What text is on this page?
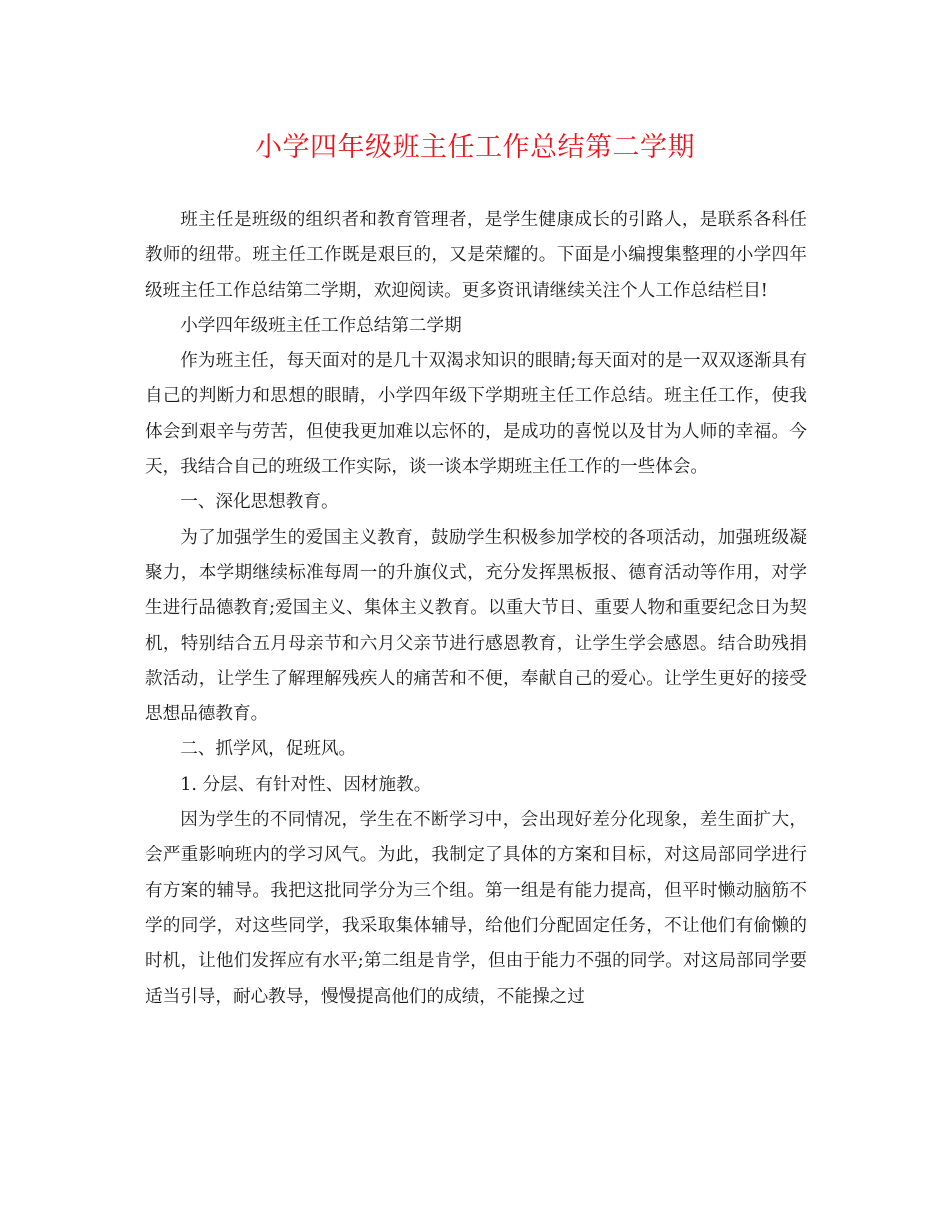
小学四年级班主任工作总结第二学期

班主任是班级的组织者和教育管理者，是学生健康成长的引路人，是联系各科任教师的纽带。班主任工作既是艰巨的，又是荣耀的。下面是小编搜集整理的小学四年级班主任工作总结第二学期，欢迎阅读。更多资讯请继续关注个人工作总结栏目!

小学四年级班主任工作总结第二学期

作为班主任，每天面对的是几十双渴求知识的眼睛;每天面对的是一双双逐渐具有自己的判断力和思想的眼睛，小学四年级下学期班主任工作总结。班主任工作，使我体会到艰辛与劳苦，但使我更加难以忘怀的，是成功的喜悦以及甘为人师的幸福。今天，我结合自己的班级工作实际，谈一谈本学期班主任工作的一些体会。

一、深化思想教育。

为了加强学生的爱国主义教育，鼓励学生积极参加学校的各项活动，加强班级凝聚力，本学期继续标准每周一的升旗仪式，充分发挥黑板报、德育活动等作用，对学生进行品德教育;爱国主义、集体主义教育。以重大节日、重要人物和重要纪念日为契机，特别结合五月母亲节和六月父亲节进行感恩教育，让学生学会感恩。结合助残捐款活动，让学生了解理解残疾人的痛苦和不便，奉献自己的爱心。让学生更好的接受思想品德教育。

二、抓学风，促班风。

1. 分层、有针对性、因材施教。

因为学生的不同情况，学生在不断学习中，会出现好差分化现象，差生面扩大，会严重影响班内的学习风气。为此，我制定了具体的方案和目标，对这局部同学进行有方案的辅导。我把这批同学分为三个组。第一组是有能力提高，但平时懒动脑筋不学的同学，对这些同学，我采取集体辅导，给他们分配固定任务，不让他们有偷懒的时机，让他们发挥应有水平;第二组是肯学，但由于能力不强的同学。对这局部同学要适当引导，耐心教导，慢慢提高他们的成绩，不能操之过
